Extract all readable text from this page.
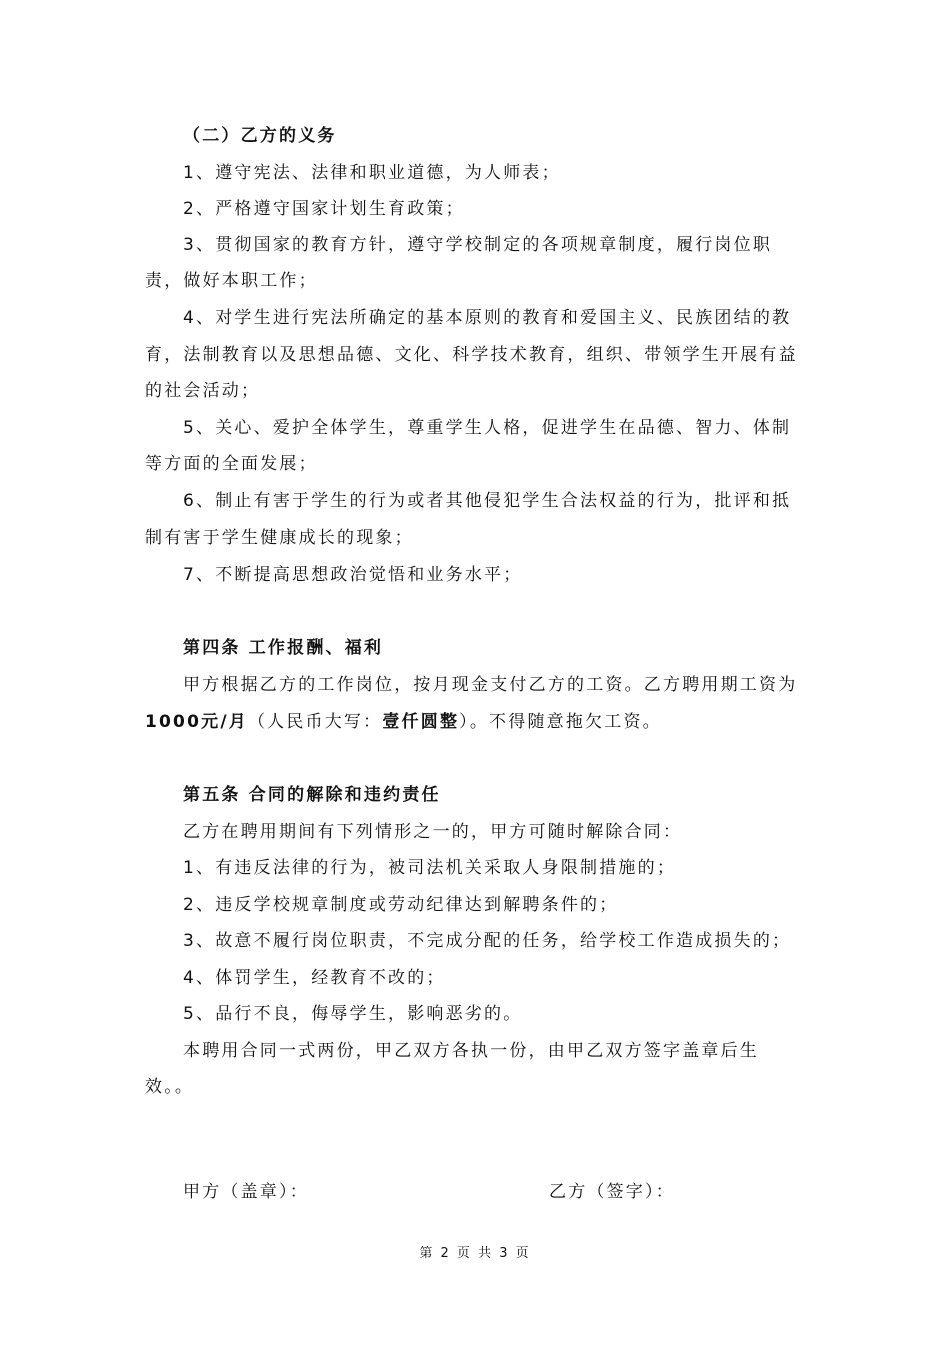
（二）乙方的义务
1、遵守宪法、法律和职业道德，为人师表；
2、严格遵守国家计划生育政策；
3、贯彻国家的教育方针，遵守学校制定的各项规章制度，履行岗位职
责，做好本职工作；
4、对学生进行宪法所确定的基本原则的教育和爱国主义、民族团结的教
育，法制教育以及思想品德、文化、科学技术教育，组织、带领学生开展有益
的社会活动；
5、关心、爱护全体学生，尊重学生人格，促进学生在品德、智力、体制
等方面的全面发展；
6、制止有害于学生的行为或者其他侵犯学生合法权益的行为，批评和抵
制有害于学生健康成长的现象；
7、不断提高思想政治觉悟和业务水平；
第四条 工作报酬、福利
甲方根据乙方的工作岗位，按月现金支付乙方的工资。乙方聘用期工资为
1000元/月（人民币大写：壹仟圆整）。不得随意拖欠工资。
第五条 合同的解除和违约责任
乙方在聘用期间有下列情形之一的，甲方可随时解除合同：
1、有违反法律的行为，被司法机关采取人身限制措施的；
2、违反学校规章制度或劳动纪律达到解聘条件的；
3、故意不履行岗位职责，不完成分配的任务，给学校工作造成损失的；
4、体罚学生，经教育不改的；
5、品行不良，侮辱学生，影响恶劣的。
本聘用合同一式两份，甲乙双方各执一份，由甲乙双方签字盖章后生
效。。
甲方（盖章）：	乙方（签字）：
第 2 页 共 3 页
